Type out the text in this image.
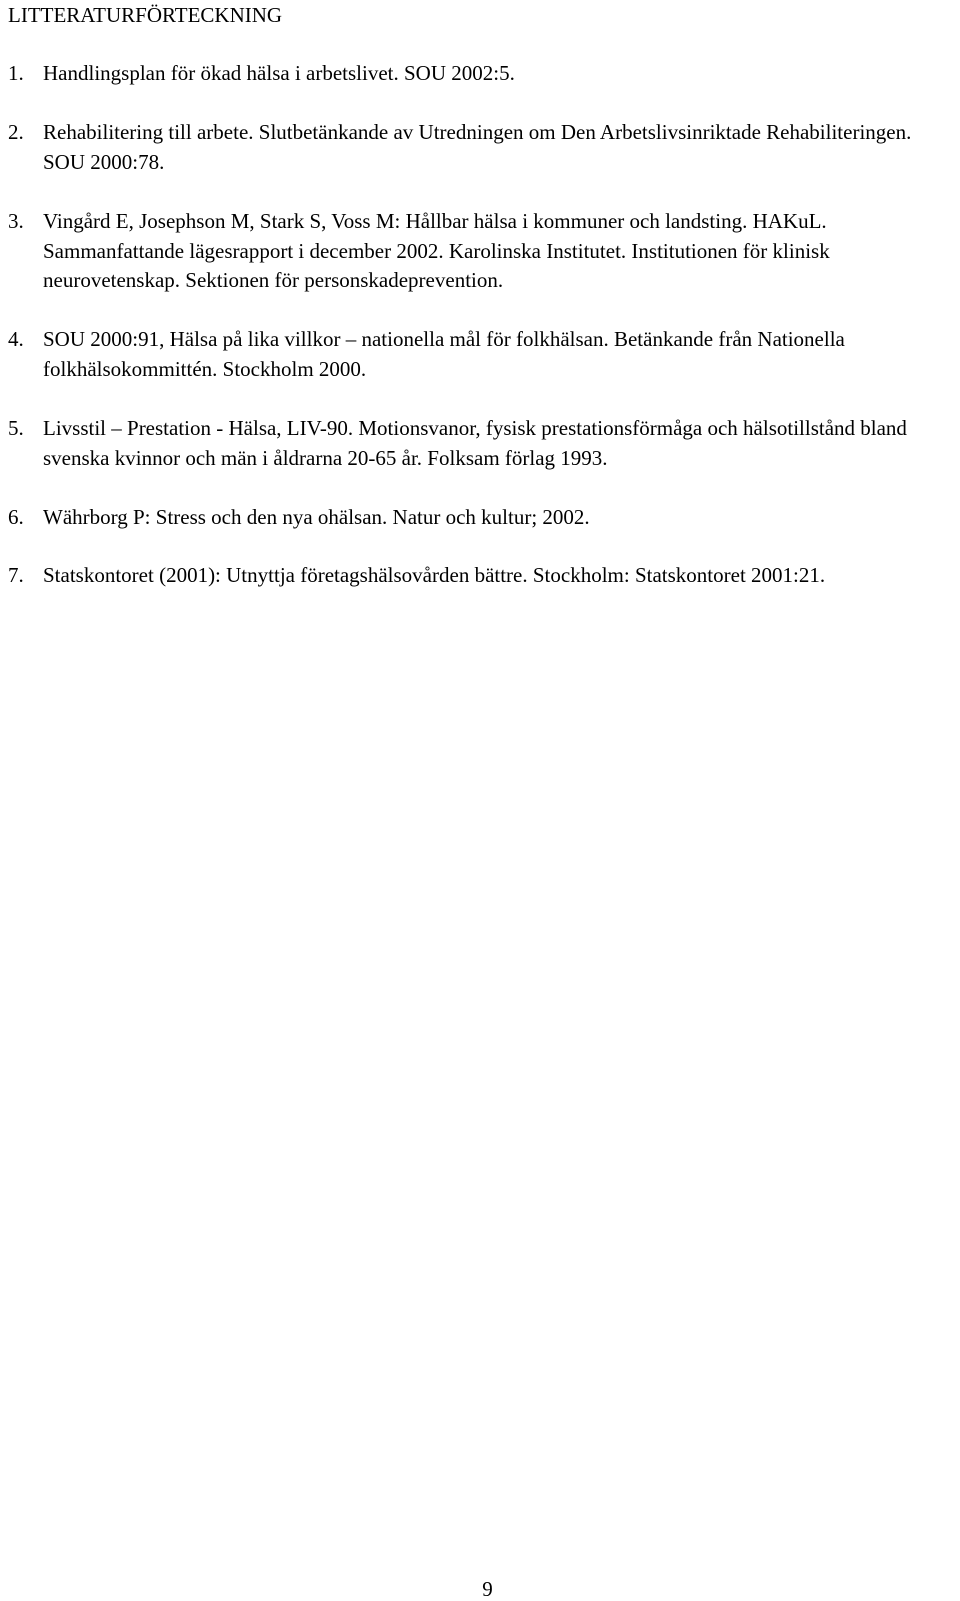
LITTERATURFÖRTECKNING
1. Handlingsplan för ökad hälsa i arbetslivet. SOU 2002:5.
2. Rehabilitering till arbete. Slutbetänkande av Utredningen om Den Arbetslivsinriktade Rehabiliteringen. SOU 2000:78.
3. Vingård E, Josephson M, Stark S, Voss M: Hållbar hälsa i kommuner och landsting. HAKuL. Sammanfattande lägesrapport i december 2002. Karolinska Institutet. Institutionen för klinisk neurovetenskap. Sektionen för personskadeprevention.
4. SOU 2000:91, Hälsa på lika villkor – nationella mål för folkhälsan. Betänkande från Nationella folkhälsokommittén. Stockholm 2000.
5. Livsstil – Prestation - Hälsa, LIV-90. Motionsvanor, fysisk prestationsförmåga och hälsotillstånd bland svenska kvinnor och män i åldrarna 20-65 år. Folksam förlag 1993.
6. Währborg P: Stress och den nya ohälsan. Natur och kultur; 2002.
7. Statskontoret (2001): Utnyttja företagshälsovården bättre. Stockholm: Statskontoret 2001:21.
9
